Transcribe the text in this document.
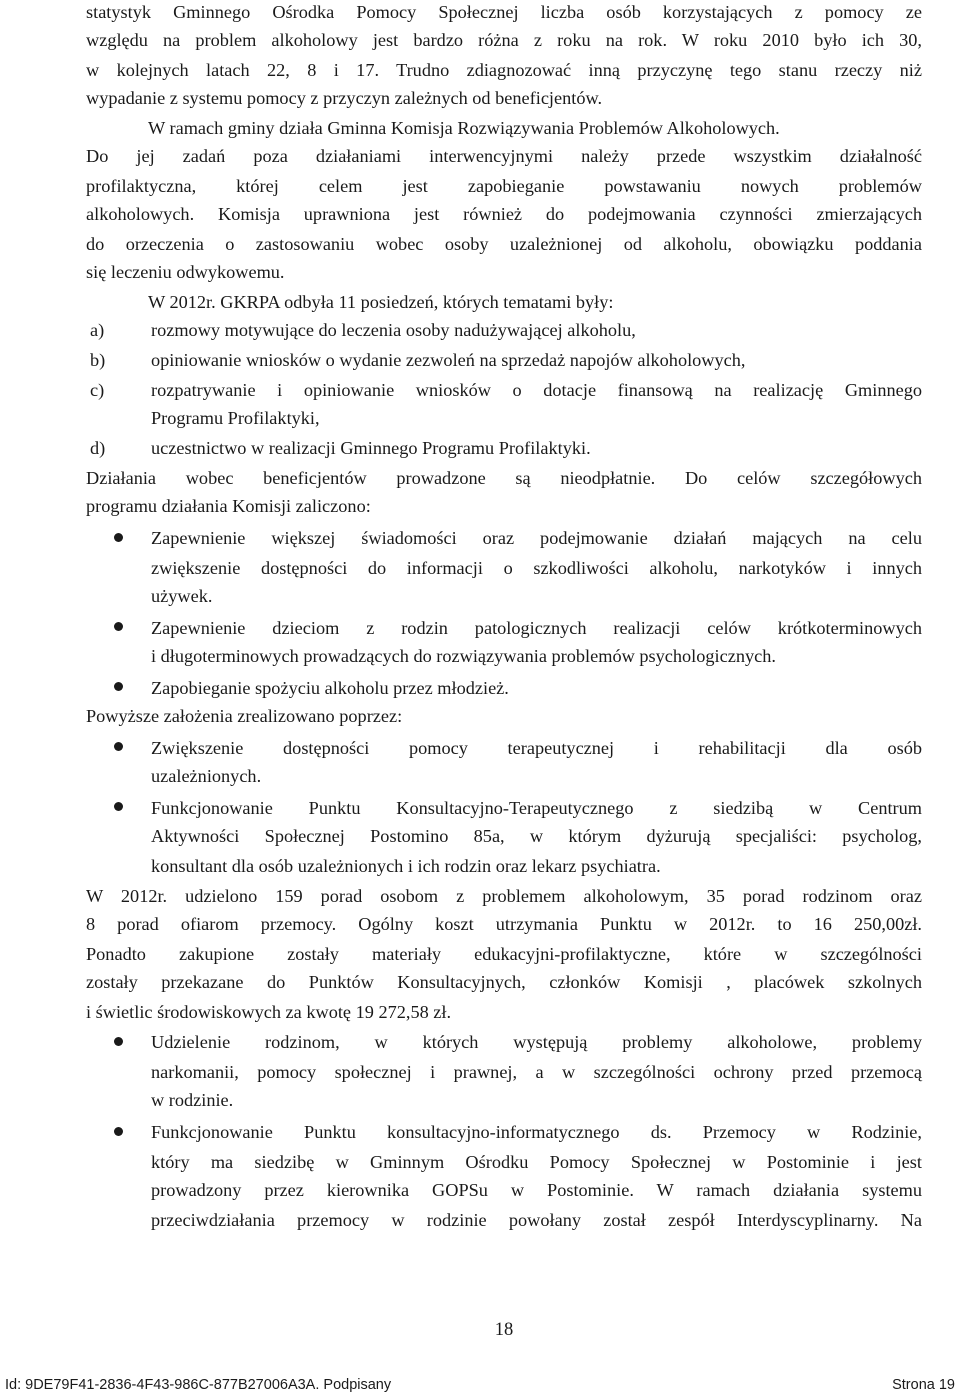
statystyk Gminnego Ośrodka Pomocy Społecznej liczba osób korzystających z pomocy ze
względu na problem alkoholowy jest bardzo różna z roku na rok. W roku 2010 było ich 30,
w kolejnych latach 22, 8 i 17. Trudno zdiagnozować inną przyczynę tego stanu rzeczy niż
wypadanie z systemu pomocy z przyczyn zależnych od beneficjentów.
W ramach gminy działa Gminna Komisja Rozwiązywania Problemów Alkoholowych.
Do jej zadań poza działaniami interwencyjnymi należy przede wszystkim działalność
profilaktyczna, której celem jest zapobieganie powstawaniu nowych problemów
alkoholowych. Komisja uprawniona jest również do podejmowania czynności zmierzających
do orzeczenia o zastosowaniu wobec osoby uzależnionej od alkoholu, obowiązku poddania
się leczeniu odwykowemu.
W 2012r. GKRPA odbyła 11 posiedzeń, których tematami były:
a)	rozmowy motywujące do leczenia osoby nadużywającej alkoholu,
b)	opiniowanie wniosków o wydanie zezwoleń na sprzedaż napojów alkoholowych,
c)	rozpatrywanie i opiniowanie wniosków o dotacje finansową na realizację Gminnego
Programu Profilaktyki,
d)	uczestnictwo w realizacji Gminnego Programu Profilaktyki.
Działania wobec beneficjentów prowadzone są nieodpłatnie. Do celów szczegółowych
programu działania Komisji zaliczono:
Zapewnienie większej świadomości oraz podejmowanie działań mających na celu
zwiększenie dostępności do informacji o szkodliwości alkoholu, narkotyków i innych
używek.
Zapewnienie dzieciom z rodzin patologicznych realizacji celów krótkoterminowych
i długoterminowych prowadzących do rozwiązywania problemów psychologicznych.
Zapobieganie spożyciu alkoholu przez młodzież.
Powyższe założenia zrealizowano poprzez:
Zwiększenie dostępności pomocy terapeutycznej i rehabilitacji dla osób
uzależnionych.
Funkcjonowanie Punktu Konsultacyjno-Terapeutycznego z siedzibą w Centrum
Aktywności Społecznej Postomino 85a, w którym dyżurują specjaliści: psycholog,
konsultant dla osób uzależnionych i ich rodzin oraz lekarz psychiatra.
W 2012r. udzielono 159 porad osobom z problemem alkoholowym, 35 porad rodzinom oraz
8 porad ofiarom przemocy. Ogólny koszt utrzymania Punktu w 2012r. to 16 250,00zł.
Ponadto zakupione zostały materiały edukacyjni-profilaktyczne, które w szczególności
zostały przekazane do Punktów Konsultacyjnych, członków Komisji , placówek szkolnych
i świetlic środowiskowych za kwotę 19 272,58 zł.
Udzielenie rodzinom, w których występują problemy alkoholowe, problemy
narkomanii, pomocy społecznej i prawnej, a w szczególności ochrony przed przemocą
w rodzinie.
Funkcjonowanie Punktu konsultacyjno-informatycznego ds. Przemocy w Rodzinie,
który ma siedzibę w Gminnym Ośrodku Pomocy Społecznej w Postominie i jest
prowadzony przez kierownika GOPSu w Postominie. W ramach działania systemu
przeciwdziałania przemocy w rodzinie powołany został zespół Interdyscyplinarny. Na
18
Id: 9DE79F41-2836-4F43-986C-877B27006A3A. Podpisany	Strona 19
